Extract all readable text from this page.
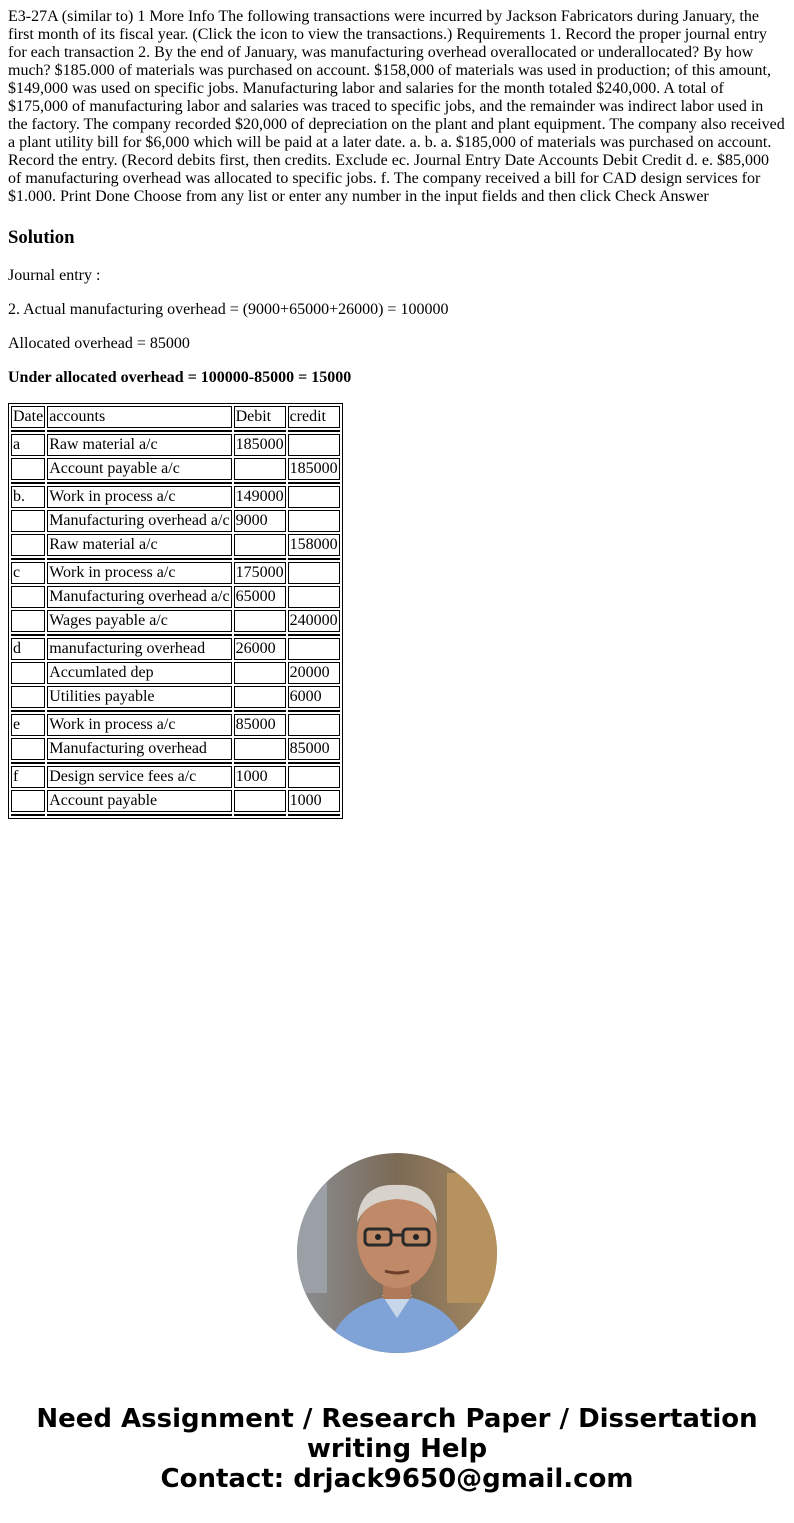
E3-27A (similar to) 1 More Info The following transactions were incurred by Jackson Fabricators during January, the first month of its fiscal year. (Click the icon to view the transactions.) Requirements 1. Record the proper journal entry for each transaction 2. By the end of January, was manufacturing overhead overallocated or underallocated? By how much? $185.000 of materials was purchased on account. $158,000 of materials was used in production; of this amount, $149,000 was used on specific jobs. Manufacturing labor and salaries for the month totaled $240,000. A total of $175,000 of manufacturing labor and salaries was traced to specific jobs, and the remainder was indirect labor used in the factory. The company recorded $20,000 of depreciation on the plant and plant equipment. The company also received a plant utility bill for $6,000 which will be paid at a later date. a. b. a. $185,000 of materials was purchased on account. Record the entry. (Record debits first, then credits. Exclude ec. Journal Entry Date Accounts Debit Credit d. e. $85,000 of manufacturing overhead was allocated to specific jobs. f. The company received a bill for CAD design services for $1.000. Print Done Choose from any list or enter any number in the input fields and then click Check Answer
Solution

Journal entry :

2. Actual manufacturing overhead = (9000+65000+26000) = 100000

Allocated overhead = 85000

Under allocated overhead = 100000-85000 = 15000

Date	accounts	Debit	credit

a	Raw material a/c	185000	
	Account payable a/c		185000

b.	Work in process a/c	149000	
	Manufacturing overhead a/c	9000	
	Raw material a/c		158000

c	Work in process a/c	175000	
	Manufacturing overhead a/c	65000	
	Wages payable a/c		240000

d	manufacturing overhead	26000	
	Accumlated dep		20000
	Utilities payable		6000

e	Work in process a/c	85000	
	Manufacturing overhead		85000

f	Design service fees a/c	1000	
	Account payable		1000

Need Assignment / Research Paper / Dissertation
writing Help
Contact: drjack9650@gmail.com
